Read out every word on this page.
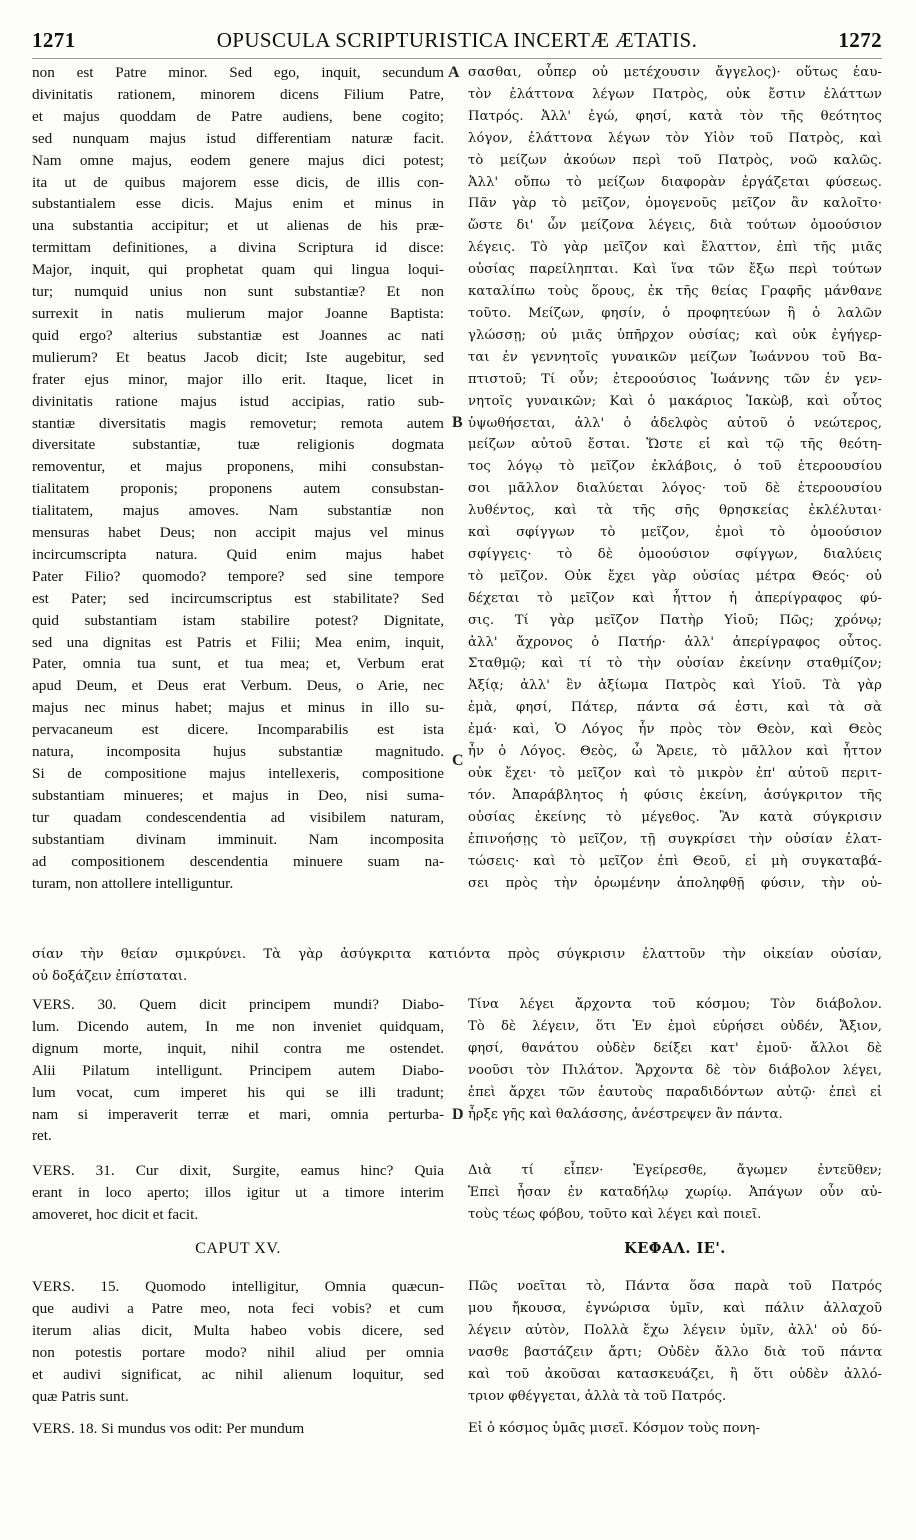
1271	OPUSCULA SCRIPTURISTICA INCERTÆ ÆTATIS.	1272
non est Patre minor. Sed ego, inquit, secundum
divinitatis rationem, minorem dicens Filium Patre,
et majus quoddam de Patre audiens, bene cogito;
sed nunquam majus istud differentiam naturæ facit.
Nam omne majus, eodem genere majus dici potest;
ita ut de quibus majorem esse dicis, de illis con-
substantialem esse dicis. Majus enim et minus in
una substantia accipitur; et ut alienas de his præ-
termittam definitiones, a divina Scriptura id disce:
Major, inquit, qui prophetat quam qui lingua loqui-
tur; numquid unius non sunt substantiæ? Et non
surrexit in natis mulierum major Joanne Baptista:
quid ergo? alterius substantiæ est Joannes ac nati
mulierum? Et beatus Jacob dicit; Iste augebitur, sed
frater ejus minor, major illo erit. Itaque, licet in
divinitatis ratione majus istud accipias, ratio sub-
stantiæ diversitatis magis removetur; remota autem
diversitate substantiæ, tuæ religionis dogmata
removentur, et majus proponens, mihi consubstan-
tialitatem proponis; proponens autem consubstan-
tialitatem, majus amoves. Nam substantiæ non
mensuras habet Deus; non accipit majus vel minus
incircumscripta natura. Quid enim majus habet
Pater Filio? quomodo? tempore? sed sine tempore
est Pater; sed incircumscriptus est stabilitate? Sed
quid substantiam istam stabilire potest? Dignitate,
sed una dignitas est Patris et Filii; Mea enim, inquit,
Pater, omnia tua sunt, et tua mea; et, Verbum erat
apud Deum, et Deus erat Verbum. Deus, o Arie, nec
majus nec minus habet; majus et minus in illo su-
pervacaneum est dicere. Incomparabilis est ista
natura, incomposita hujus substantiæ magnitudo.
Si de compositione majus intellexeris, compositione
substantiam minueres; et majus in Deo, nisi suma-
tur quadam condescendentia ad visibilem naturam,
substantiam divinam imminuit. Nam incomposita
ad compositionem descendentia minuere suam na-
turam, non attollere intelliguntur.
σασθαι, οὗπερ οὐ μετέχουσιν ἄγγελος)· οὕτως ἑαυ-
τὸν ἐλάττονα λέγων Πατρὸς, οὐκ ἔστιν ἐλάττων
Πατρός. Ἀλλ' ἐγώ, φησί, κατὰ τὸν τῆς θεότητος
λόγον, ἐλάττονα λέγων τὸν Υἱὸν τοῦ Πατρὸς, καὶ
τὸ μείζων ἀκούων περὶ τοῦ Πατρὸς, νοῶ καλῶς.
Ἀλλ' οὔπω τὸ μείζων διαφορὰν ἐργάζεται φύσεως.
Πᾶν γὰρ τὸ μεῖζον, ὁμογενοῦς μεῖζον ἂν καλοῖτο·
ὥστε δι' ὧν μείζονα λέγεις, διὰ τούτων ὁμοούσιον
λέγεις. Τὸ γὰρ μεῖζον καὶ ἔλαττον, ἐπὶ τῆς μιᾶς
οὐσίας παρείληπται. Καὶ ἵνα τῶν ἔξω περὶ τούτων
καταλίπω τοὺς ὅρους, ἐκ τῆς θείας Γραφῆς μάνθανε
τοῦτο. Μείζων, φησίν, ὁ προφητεύων ἢ ὁ λαλῶν
γλώσσῃ; οὐ μιᾶς ὑπῆρχον οὐσίας; καὶ οὐκ ἐγήγερ-
ται ἐν γεννητοῖς γυναικῶν μείζων Ἰωάννου τοῦ Βα-
πτιστοῦ; Τί οὖν; ἑτεροούσιος Ἰωάννης τῶν ἐν γεν-
νητοῖς γυναικῶν; Καὶ ὁ μακάριος Ἰακὼβ, καὶ οὗτος
ὑψωθήσεται, ἀλλ' ὁ ἀδελφὸς αὐτοῦ ὁ νεώτερος,
μείζων αὐτοῦ ἔσται. Ὥστε εἰ καὶ τῷ τῆς θεότη-
τος λόγῳ τὸ μεῖζον ἐκλάβοις, ὁ τοῦ ἑτεροουσίου
σοι μᾶλλον διαλύεται λόγος· τοῦ δὲ ἑτεροουσίου
λυθέντος, καὶ τὰ τῆς σῆς θρησκείας ἐκλέλυται·
καὶ σφίγγων τὸ μεῖζον, ἐμοὶ τὸ ὁμοούσιον
σφίγγεις· τὸ δὲ ὁμοούσιον σφίγγων, διαλύεις
τὸ μεῖζον. Οὐκ ἔχει γὰρ οὐσίας μέτρα Θεός· οὐ
δέχεται τὸ μεῖζον καὶ ἧττον ἡ ἀπερίγραφος φύ-
σις. Τί γὰρ μεῖζον Πατὴρ Υἱοῦ; Πῶς; χρόνῳ;
ἀλλ' ἄχρονος ὁ Πατήρ· ἀλλ' ἀπερίγραφος οὗτος.
Σταθμῷ; καὶ τί τὸ τὴν οὐσίαν ἐκείνην σταθμίζον;
Ἀξίᾳ; ἀλλ' ἓν ἀξίωμα Πατρὸς καὶ Υἱοῦ. Τὰ γὰρ
ἐμὰ, φησί, Πάτερ, πάντα σά ἐστι, καὶ τὰ σὰ
ἐμά· καὶ, Ὁ Λόγος ἦν πρὸς τὸν Θεὸν, καὶ Θεὸς
ἦν ὁ Λόγος. Θεὸς, ὦ Ἄρειε, τὸ μᾶλλον καὶ ἧττον
οὐκ ἔχει· τὸ μεῖζον καὶ τὸ μικρὸν ἐπ' αὐτοῦ περιτ-
τόν. Ἀπαράβλητος ἡ φύσις ἐκείνη, ἀσύγκριτον τῆς
οὐσίας ἐκείνης τὸ μέγεθος. Ἂν κατὰ σύγκρισιν
ἐπινοήσῃς τὸ μεῖζον, τῇ συγκρίσει τὴν οὐσίαν ἐλατ-
τώσεις· καὶ τὸ μεῖζον ἐπὶ Θεοῦ, εἰ μὴ συγκαταβά-
σει πρὸς τὴν ὁρωμένην ἀποληφθῇ φύσιν, τὴν οὐ-
A
B
C
D
σίαν τὴν θείαν σμικρύνει. Τὰ γὰρ ἀσύγκριτα κατιόντα πρὸς σύγκρισιν ἐλαττοῦν τὴν οἰκείαν οὐσίαν,
οὐ δοξάζειν ἐπίσταται.
VERS. 30. Quem dicit principem mundi? Diabo-
lum. Dicendo autem, In me non inveniet quidquam,
dignum morte, inquit, nihil contra me ostendet.
Alii Pilatum intelligunt. Principem autem Diabo-
lum vocat, cum imperet his qui se illi tradunt;
nam si imperaverit terræ et mari, omnia perturba-
ret.
Τίνα λέγει ἄρχοντα τοῦ κόσμου; Τὸν διάβολον.
Τὸ δὲ λέγειν, ὅτι Ἐν ἐμοὶ εὑρήσει οὐδέν, Ἄξιον,
φησί, θανάτου οὐδὲν δείξει κατ' ἐμοῦ· ἄλλοι δὲ
νοοῦσι τὸν Πιλάτον. Ἄρχοντα δὲ τὸν διάβολον λέγει,
ἐπεὶ ἄρχει τῶν ἑαυτοὺς παραδιδόντων αὐτῷ· ἐπεὶ εἰ
ἦρξε γῆς καὶ θαλάσσης, ἀνέστρεψεν ἂν πάντα.
VERS. 31. Cur dixit, Surgite, eamus hinc? Quia
erant in loco aperto; illos igitur ut a timore interim
amoveret, hoc dicit et facit.
Διὰ τί εἶπεν· Ἐγείρεσθε, ἄγωμεν ἐντεῦθεν;
Ἐπεὶ ἦσαν ἐν καταδήλῳ χωρίῳ. Ἀπάγων οὖν αὐ-
τοὺς τέως φόβου, τοῦτο καὶ λέγει καὶ ποιεῖ.
CAPUT XV.	ΚΕΦΑΛ. ΙΕ'.
VERS. 15. Quomodo intelligitur, Omnia quæcun-
que audivi a Patre meo, nota feci vobis? et cum
iterum alias dicit, Multa habeo vobis dicere, sed
non potestis portare modo? nihil aliud per omnia
et audivi significat, ac nihil alienum loquitur, sed
quæ Patris sunt.
Πῶς νοεῖται τὸ, Πάντα ὅσα παρὰ τοῦ Πατρός
μου ἤκουσα, ἐγνώρισα ὑμῖν, καὶ πάλιν ἀλλαχοῦ
λέγειν αὐτὸν, Πολλὰ ἔχω λέγειν ὑμῖν, ἀλλ' οὐ δύ-
νασθε βαστάζειν ἄρτι; Οὐδὲν ἄλλο διὰ τοῦ πάντα
καὶ τοῦ ἀκοῦσαι κατασκευάζει, ἢ ὅτι οὐδὲν ἀλλό-
τριον φθέγγεται, ἀλλὰ τὰ τοῦ Πατρός.
VERS. 18. Si mundus vos odit: Per mundum	Εἰ ὁ κόσμος ὑμᾶς μισεῖ. Κόσμον τοὺς πονη-
